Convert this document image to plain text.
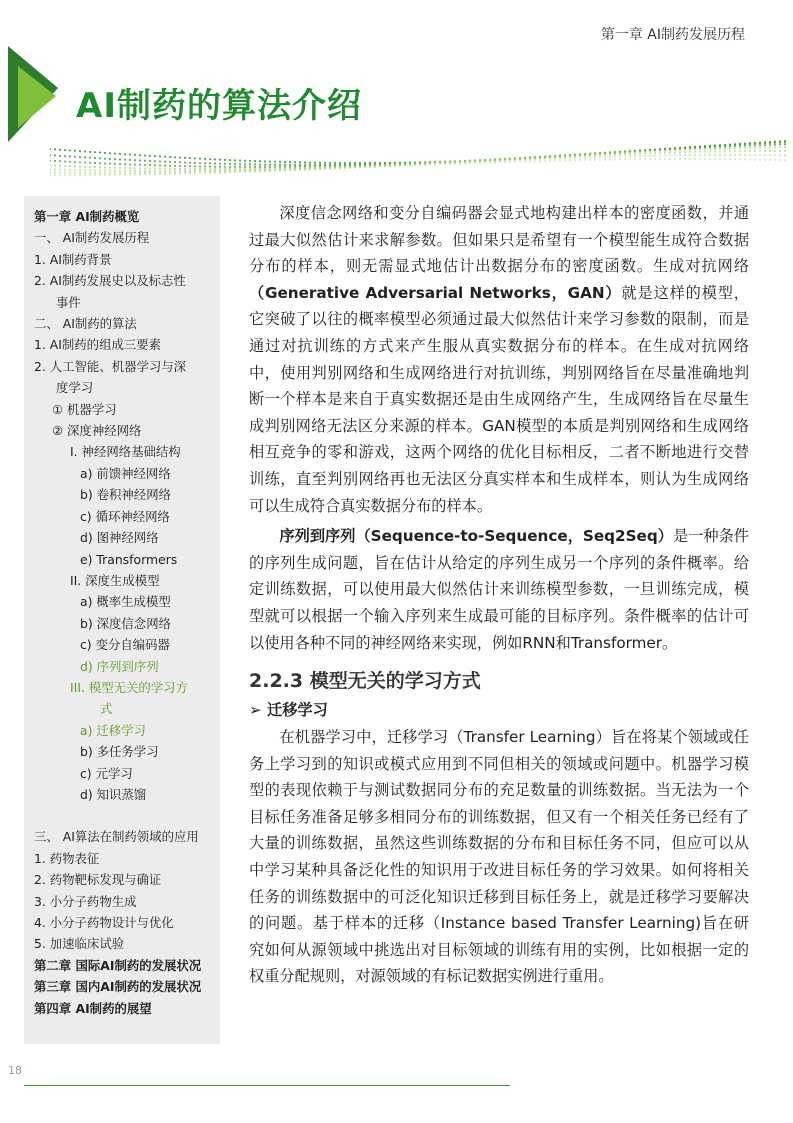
第一章 AI制药发展历程
AI制药的算法介绍
第一章 AI制药概览
一、 AI制药发展历程
1. AI制药背景
2. AI制药发展史以及标志性
事件
二、 AI制药的算法
1. AI制药的组成三要素
2. 人工智能、机器学习与深
度学习
① 机器学习
② 深度神经网络
I. 神经网络基础结构
a) 前馈神经网络
b) 卷积神经网络
c) 循环神经网络
d) 图神经网络
e) Transformers
II. 深度生成模型
a) 概率生成模型
b) 深度信念网络
c) 变分自编码器
d) 序列到序列
III. 模型无关的学习方
式
a) 迁移学习
b) 多任务学习
c) 元学习
d) 知识蒸馏
三、 AI算法在制药领域的应用
1. 药物表征
2. 药物靶标发现与确证
3. 小分子药物生成
4. 小分子药物设计与优化
5. 加速临床试验
第二章 国际AI制药的发展状况
第三章 国内AI制药的发展状况
第四章 AI制药的展望

深度信念网络和变分自编码器会显式地构建出样本的密度函数，并通过最大似然估计来求解参数。但如果只是希望有一个模型能生成符合数据分布的样本，则无需显式地估计出数据分布的密度函数。生成对抗网络（Generative Adversarial Networks，GAN）就是这样的模型，它突破了以往的概率模型必须通过最大似然估计来学习参数的限制，而是通过对抗训练的方式来产生服从真实数据分布的样本。在生成对抗网络中，使用判别网络和生成网络进行对抗训练，判别网络旨在尽量准确地判断一个样本是来自于真实数据还是由生成网络产生，生成网络旨在尽量生成判别网络无法区分来源的样本。GAN模型的本质是判别网络和生成网络相互竞争的零和游戏，这两个网络的优化目标相反，二者不断地进行交替训练，直至判别网络再也无法区分真实样本和生成样本，则认为生成网络可以生成符合真实数据分布的样本。

序列到序列（Sequence-to-Sequence，Seq2Seq）是一种条件的序列生成问题，旨在估计从给定的序列生成另一个序列的条件概率。给定训练数据，可以使用最大似然估计来训练模型参数，一旦训练完成，模型就可以根据一个输入序列来生成最可能的目标序列。条件概率的估计可以使用各种不同的神经网络来实现，例如RNN和Transformer。

2.2.3 模型无关的学习方式
➢ 迁移学习

在机器学习中，迁移学习（Transfer Learning）旨在将某个领域或任务上学习到的知识或模式应用到不同但相关的领域或问题中。机器学习模型的表现依赖于与测试数据同分布的充足数量的训练数据。当无法为一个目标任务准备足够多相同分布的训练数据，但又有一个相关任务已经有了大量的训练数据，虽然这些训练数据的分布和目标任务不同，但应可以从中学习某种具备泛化性的知识用于改进目标任务的学习效果。如何将相关任务的训练数据中的可泛化知识迁移到目标任务上，就是迁移学习要解决的问题。基于样本的迁移（Instance based Transfer Learning)旨在研究如何从源领域中挑选出对目标领域的训练有用的实例，比如根据一定的权重分配规则，对源领域的有标记数据实例进行重用。

18
